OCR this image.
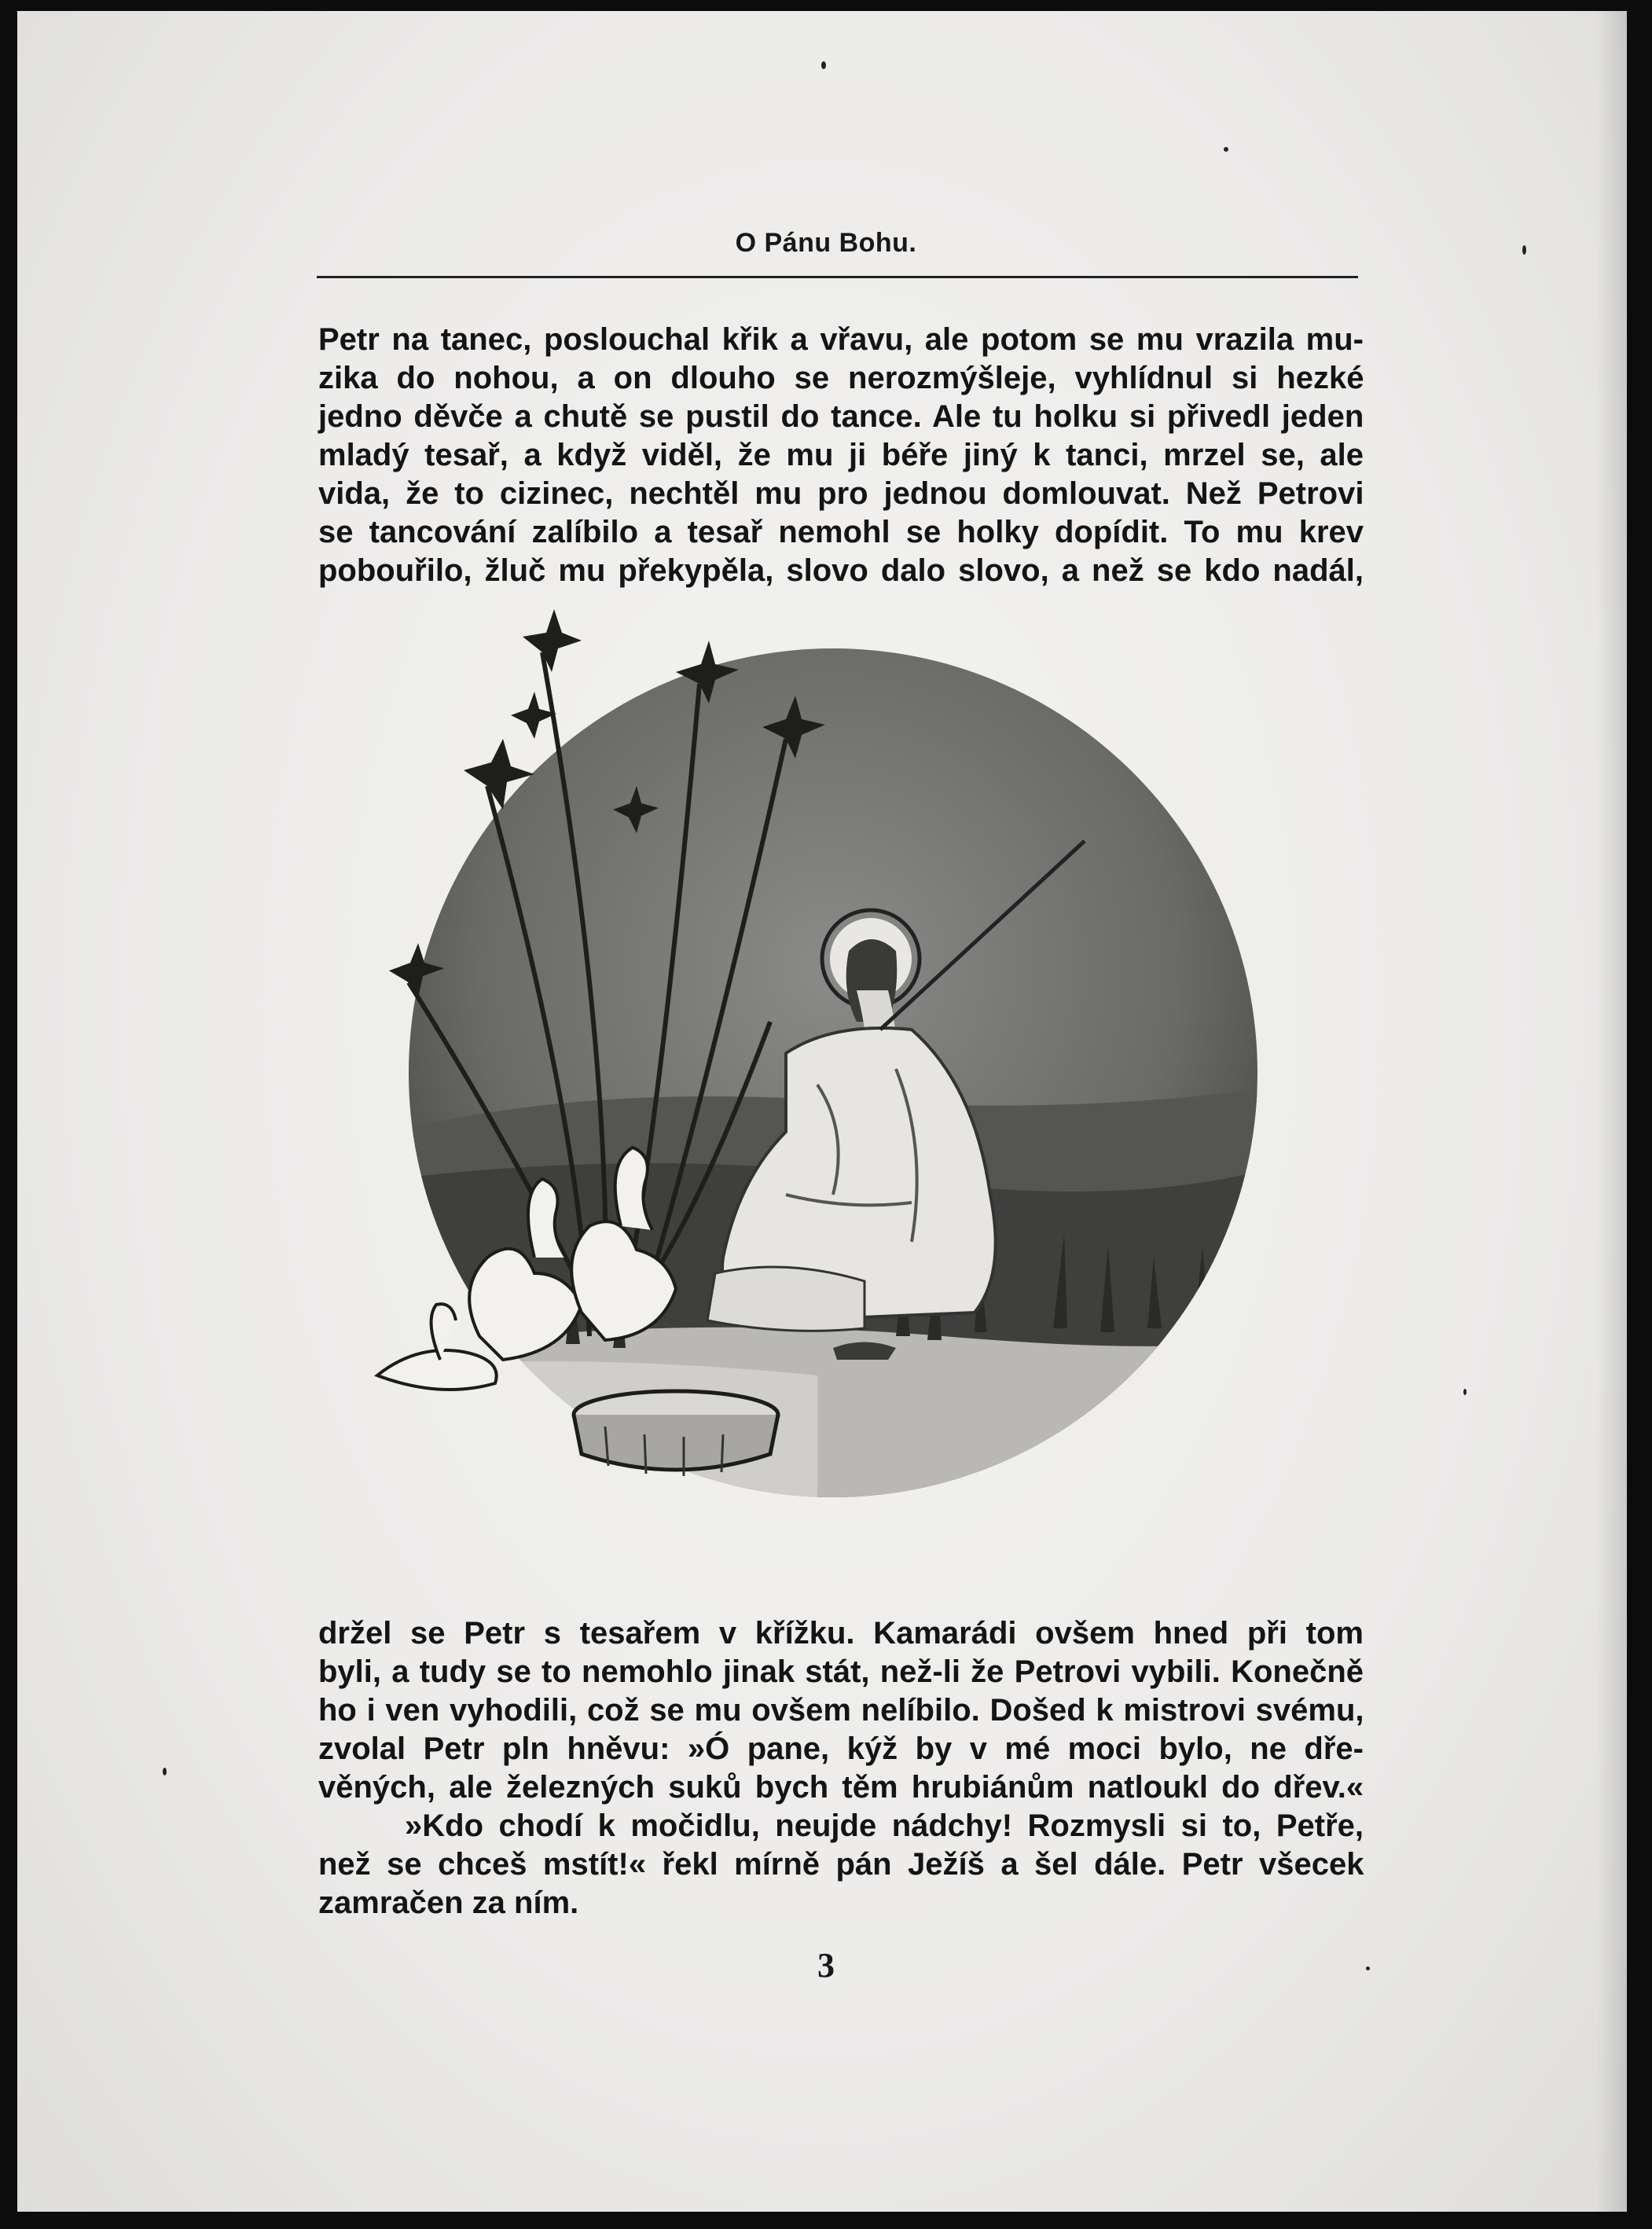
O Pánu Bohu.
Petr na tanec, poslouchal křik a vřavu, ale potom se mu vrazila mu-
zika do nohou, a on dlouho se nerozmýšleje, vyhlídnul si hezké
jedno děvče a chutě se pustil do tance. Ale tu holku si přivedl jeden
mladý tesař, a když viděl, že mu ji béře jiný k tanci, mrzel se, ale
vida, že to cizinec, nechtěl mu pro jednou domlouvat. Než Petrovi
se tancování zalíbilo a tesař nemohl se holky dopídit. To mu krev
pobouřilo, žluč mu překypěla, slovo dalo slovo, a než se kdo nadál,
držel se Petr s tesařem v křížku. Kamarádi ovšem hned při tom
byli, a tudy se to nemohlo jinak stát, než-li že Petrovi vybili. Konečně
ho i ven vyhodili, což se mu ovšem nelíbilo. Došed k mistrovi svému,
zvolal Petr pln hněvu: »Ó pane, kýž by v mé moci bylo, ne dře-
věných, ale železných suků bych těm hrubiánům natloukl do dřev.«
»Kdo chodí k močidlu, neujde nádchy! Rozmysli si to, Petře,
než se chceš mstít!« řekl mírně pán Ježíš a šel dále. Petr všecek
zamračen za ním.
3
